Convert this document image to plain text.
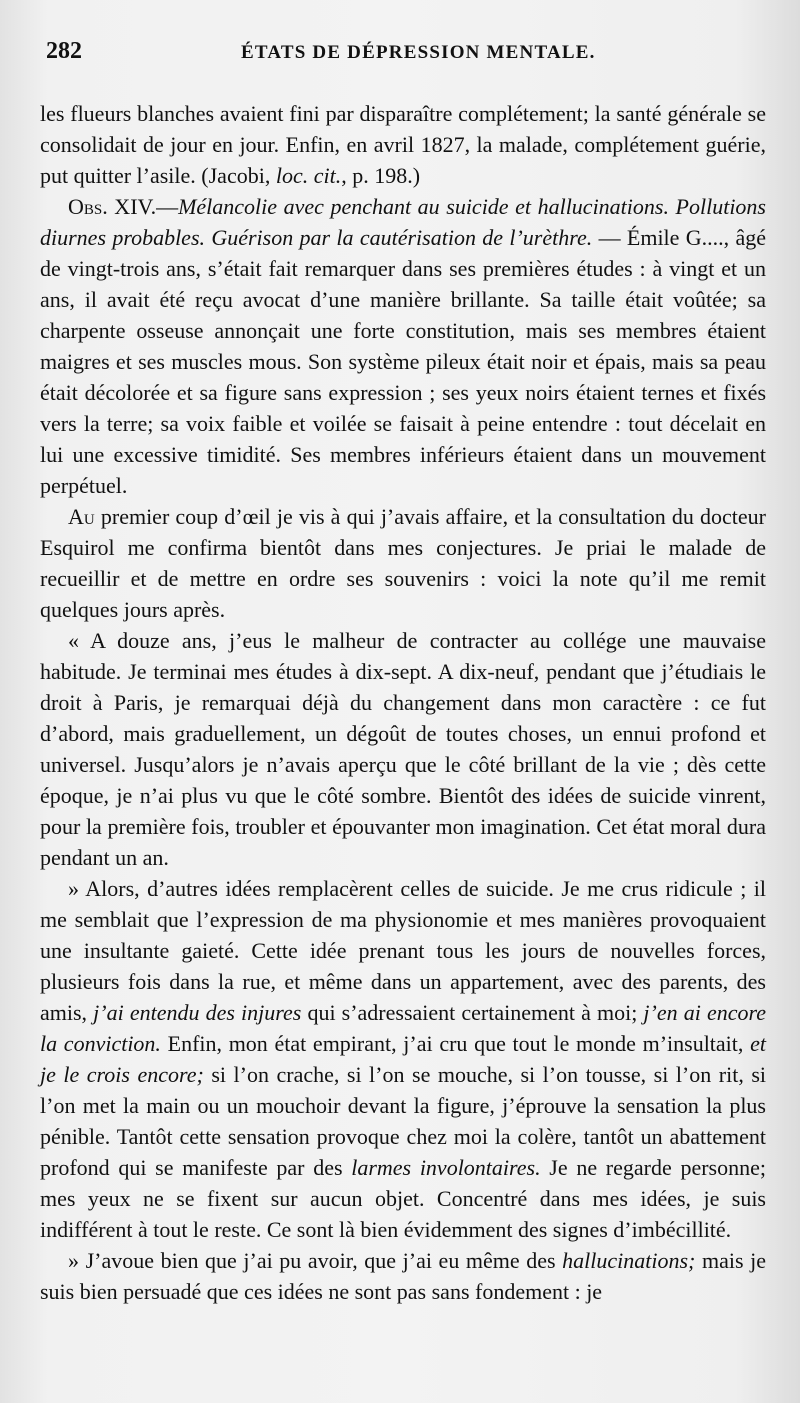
282	ÉTATS DE DÉPRESSION MENTALE.

les flueurs blanches avaient fini par disparaître complétement; la santé générale se consolidait de jour en jour. Enfin, en avril 1827, la malade, complétement guérie, put quitter l’asile. (Jacobi, loc. cit., p. 198.)

Obs. XIV.—Mélancolie avec penchant au suicide et hallucinations. Pollutions diurnes probables. Guérison par la cautérisation de l’urèthre. — Émile G...., âgé de vingt-trois ans, s’était fait remarquer dans ses premières études : à vingt et un ans, il avait été reçu avocat d’une manière brillante. Sa taille était voûtée; sa charpente osseuse annonçait une forte constitution, mais ses membres étaient maigres et ses muscles mous. Son système pileux était noir et épais, mais sa peau était décolorée et sa figure sans expression ; ses yeux noirs étaient ternes et fixés vers la terre; sa voix faible et voilée se faisait à peine entendre : tout décelait en lui une excessive timidité. Ses membres inférieurs étaient dans un mouvement perpétuel.

Au premier coup d’œil je vis à qui j’avais affaire, et la consultation du docteur Esquirol me confirma bientôt dans mes conjectures. Je priai le malade de recueillir et de mettre en ordre ses souvenirs : voici la note qu’il me remit quelques jours après.

« A douze ans, j’eus le malheur de contracter au collége une mauvaise habitude. Je terminai mes études à dix-sept. A dix-neuf, pendant que j’étudiais le droit à Paris, je remarquai déjà du changement dans mon caractère : ce fut d’abord, mais graduellement, un dégoût de toutes choses, un ennui profond et universel. Jusqu’alors je n’avais aperçu que le côté brillant de la vie ; dès cette époque, je n’ai plus vu que le côté sombre. Bientôt des idées de suicide vinrent, pour la première fois, troubler et épouvanter mon imagination. Cet état moral dura pendant un an.

» Alors, d’autres idées remplacèrent celles de suicide. Je me crus ridicule ; il me semblait que l’expression de ma physionomie et mes manières provoquaient une insultante gaieté. Cette idée prenant tous les jours de nouvelles forces, plusieurs fois dans la rue, et même dans un appartement, avec des parents, des amis, j’ai entendu des injures qui s’adressaient certainement à moi; j’en ai encore la conviction. Enfin, mon état empirant, j’ai cru que tout le monde m’insultait, et je le crois encore; si l’on crache, si l’on se mouche, si l’on tousse, si l’on rit, si l’on met la main ou un mouchoir devant la figure, j’éprouve la sensation la plus pénible. Tantôt cette sensation provoque chez moi la colère, tantôt un abattement profond qui se manifeste par des larmes involontaires. Je ne regarde personne; mes yeux ne se fixent sur aucun objet. Concentré dans mes idées, je suis indifférent à tout le reste. Ce sont là bien évidemment des signes d’imbécillité.

» J’avoue bien que j’ai pu avoir, que j’ai eu même des hallucinations; mais je suis bien persuadé que ces idées ne sont pas sans fondement : je
